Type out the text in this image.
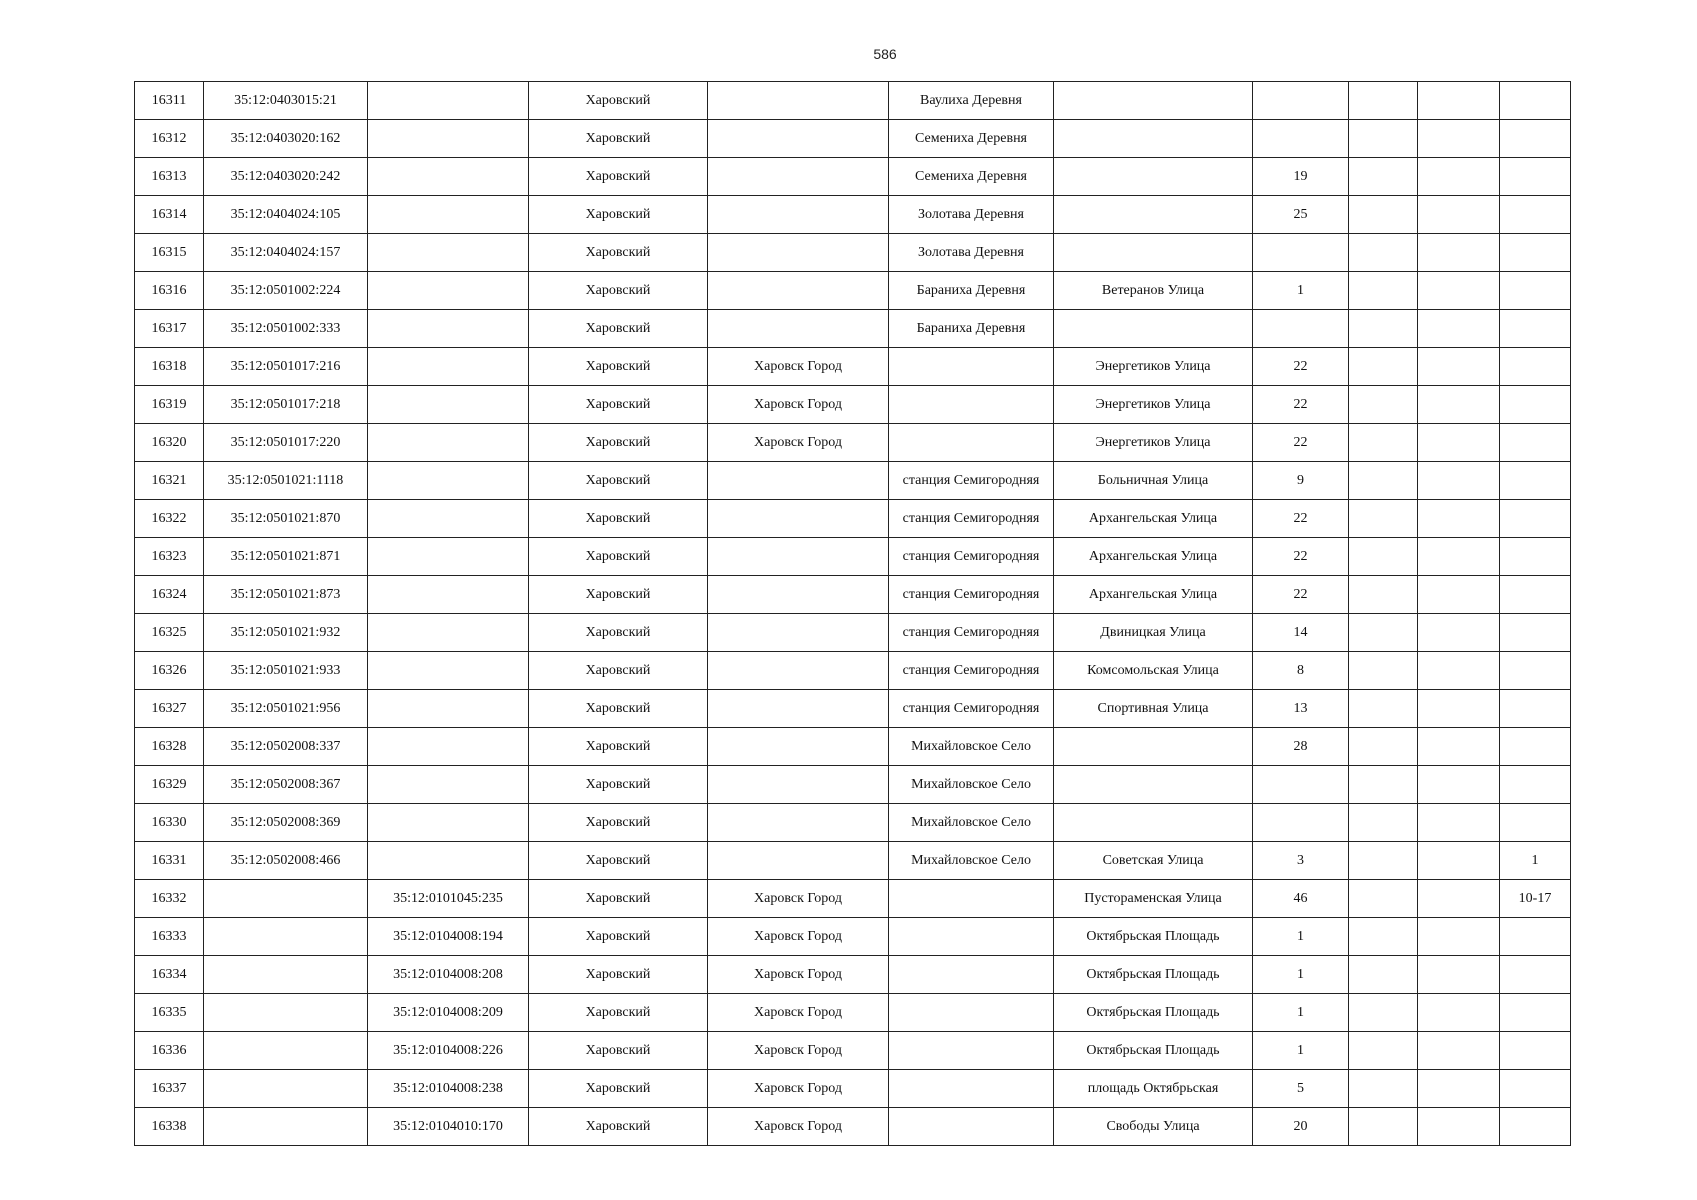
586
16311	35:12:0403015:21		Харовский		Ваулиха Деревня					
16312	35:12:0403020:162		Харовский		Семениха Деревня					
16313	35:12:0403020:242		Харовский		Семениха Деревня		19			
16314	35:12:0404024:105		Харовский		Золотава Деревня		25			
16315	35:12:0404024:157		Харовский		Золотава Деревня					
16316	35:12:0501002:224		Харовский		Бараниха Деревня	Ветеранов Улица	1			
16317	35:12:0501002:333		Харовский		Бараниха Деревня					
16318	35:12:0501017:216		Харовский	Харовск Город		Энергетиков Улица	22			
16319	35:12:0501017:218		Харовский	Харовск Город		Энергетиков Улица	22			
16320	35:12:0501017:220		Харовский	Харовск Город		Энергетиков Улица	22			
16321	35:12:0501021:1118		Харовский		станция Семигородняя	Больничная Улица	9			
16322	35:12:0501021:870		Харовский		станция Семигородняя	Архангельская Улица	22			
16323	35:12:0501021:871		Харовский		станция Семигородняя	Архангельская Улица	22			
16324	35:12:0501021:873		Харовский		станция Семигородняя	Архангельская Улица	22			
16325	35:12:0501021:932		Харовский		станция Семигородняя	Двиницкая Улица	14			
16326	35:12:0501021:933		Харовский		станция Семигородняя	Комсомольская Улица	8			
16327	35:12:0501021:956		Харовский		станция Семигородняя	Спортивная Улица	13			
16328	35:12:0502008:337		Харовский		Михайловское Село		28			
16329	35:12:0502008:367		Харовский		Михайловское Село					
16330	35:12:0502008:369		Харовский		Михайловское Село					
16331	35:12:0502008:466		Харовский		Михайловское Село	Советская Улица	3			1
16332		35:12:0101045:235	Харовский	Харовск Город		Пустораменская Улица	46			10-17
16333		35:12:0104008:194	Харовский	Харовск Город		Октябрьская Площадь	1			
16334		35:12:0104008:208	Харовский	Харовск Город		Октябрьская Площадь	1			
16335		35:12:0104008:209	Харовский	Харовск Город		Октябрьская Площадь	1			
16336		35:12:0104008:226	Харовский	Харовск Город		Октябрьская Площадь	1			
16337		35:12:0104008:238	Харовский	Харовск Город		площадь Октябрьская	5			
16338		35:12:0104010:170	Харовский	Харовск Город		Свободы Улица	20			
